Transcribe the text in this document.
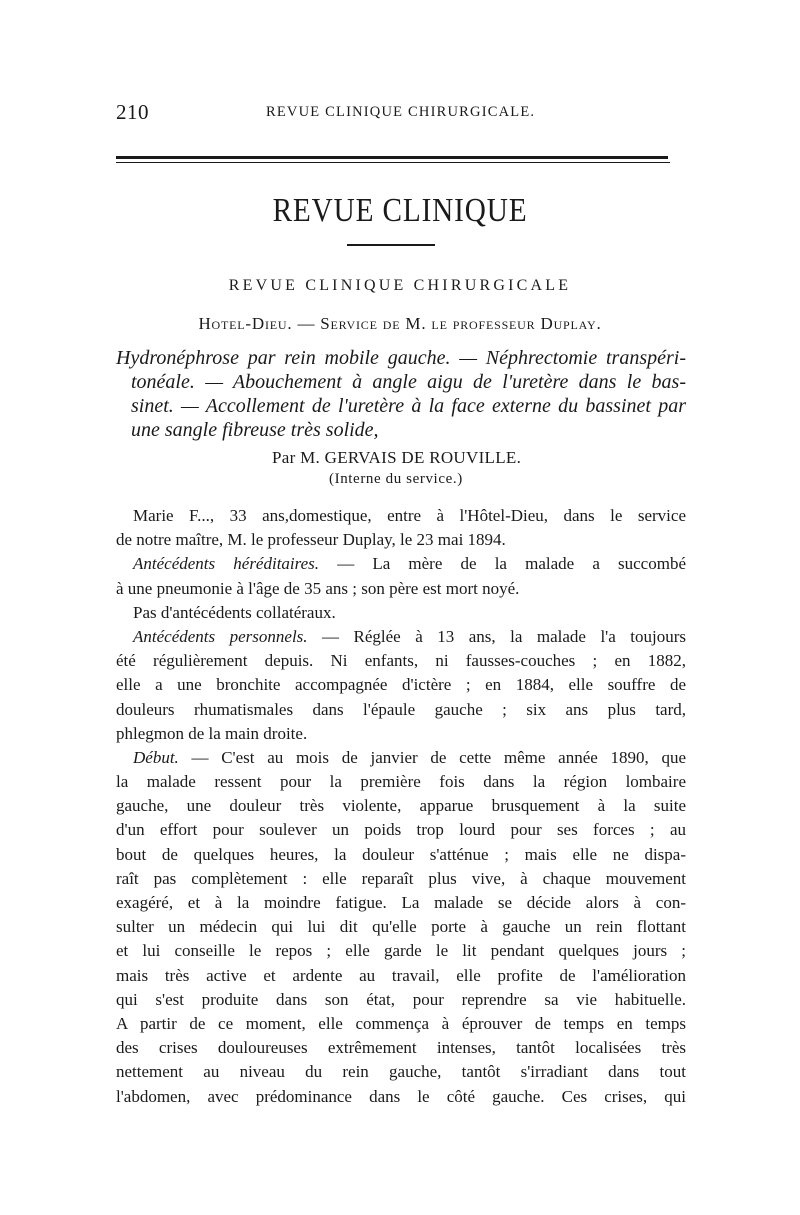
210	REVUE CLINIQUE CHIRURGICALE.
REVUE CLINIQUE
REVUE CLINIQUE CHIRURGICALE
Hotel-Dieu. — Service de M. le professeur Duplay.
Hydronéphrose par rein mobile gauche. — Néphrectomie transpéri-
tonéale. — Abouchement à angle aigu de l'uretère dans le bas-
sinet. — Accollement de l'uretère à la face externe du bassinet par
une sangle fibreuse très solide,
Par M. GERVAIS DE ROUVILLE.
(Interne du service.)
Marie F..., 33 ans,domestique, entre à l'Hôtel-Dieu, dans le service
de notre maître, M. le professeur Duplay, le 23 mai 1894.
Antécédents héréditaires. — La mère de la malade a succombé
à une pneumonie à l'âge de 35 ans ; son père est mort noyé.
Pas d'antécédents collatéraux.
Antécédents personnels. — Réglée à 13 ans, la malade l'a toujours
été régulièrement depuis. Ni enfants, ni fausses-couches ; en 1882,
elle a une bronchite accompagnée d'ictère ; en 1884, elle souffre de
douleurs rhumatismales dans l'épaule gauche ; six ans plus tard,
phlegmon de la main droite.
Début. — C'est au mois de janvier de cette même année 1890, que
la malade ressent pour la première fois dans la région lombaire
gauche, une douleur très violente, apparue brusquement à la suite
d'un effort pour soulever un poids trop lourd pour ses forces ; au
bout de quelques heures, la douleur s'atténue ; mais elle ne dispa-
raît pas complètement : elle reparaît plus vive, à chaque mouvement
exagéré, et à la moindre fatigue. La malade se décide alors à con-
sulter un médecin qui lui dit qu'elle porte à gauche un rein flottant
et lui conseille le repos ; elle garde le lit pendant quelques jours ;
mais très active et ardente au travail, elle profite de l'amélioration
qui s'est produite dans son état, pour reprendre sa vie habituelle.
A partir de ce moment, elle commença à éprouver de temps en temps
des crises douloureuses extrêmement intenses, tantôt localisées très
nettement au niveau du rein gauche, tantôt s'irradiant dans tout
l'abdomen, avec prédominance dans le côté gauche. Ces crises, qui
